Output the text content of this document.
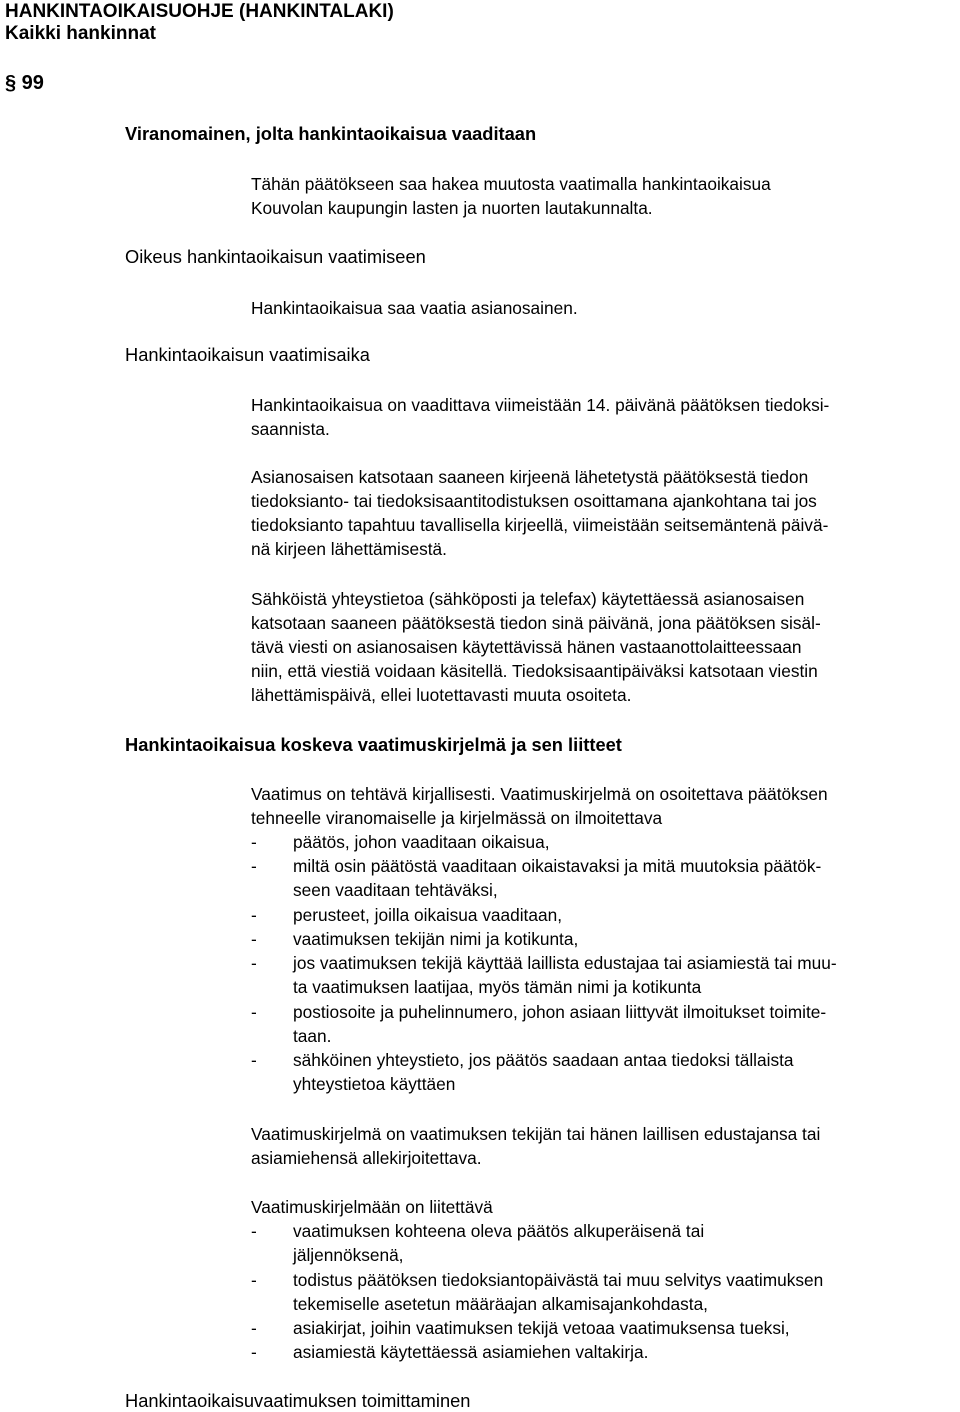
HANKINTAOIKAISUOHJE (HANKINTALAKI)
Kaikki hankinnat
§ 99
Viranomainen, jolta hankintaoikaisua vaaditaan
Tähän päätökseen saa hakea muutosta vaatimalla hankintaoikaisua
Kouvolan kaupungin lasten ja nuorten lautakunnalta.
Oikeus hankintaoikaisun vaatimiseen
Hankintaoikaisua saa vaatia asianosainen.
Hankintaoikaisun vaatimisaika
Hankintaoikaisua on vaadittava viimeistään 14. päivänä päätöksen tiedoksi-
saannista.
Asianosaisen katsotaan saaneen kirjeenä lähetetystä päätöksestä tiedon
tiedoksianto- tai tiedoksisaantitodistuksen osoittamana ajankohtana tai jos
tiedoksianto tapahtuu tavallisella kirjeellä, viimeistään seitsemäntenä päivä-
nä kirjeen lähettämisestä.
Sähköistä yhteystietoa (sähköposti ja telefax) käytettäessä asianosaisen
katsotaan saaneen päätöksestä tiedon sinä päivänä, jona päätöksen sisäl-
tävä viesti on asianosaisen käytettävissä hänen vastaanottolaitteessaan
niin, että viestiä voidaan käsitellä. Tiedoksisaantipäiväksi katsotaan viestin
lähettämispäivä, ellei luotettavasti muuta osoiteta.
Hankintaoikaisua koskeva vaatimuskirjelmä ja sen liitteet
Vaatimus on tehtävä kirjallisesti. Vaatimuskirjelmä on osoitettava päätöksen
tehneelle viranomaiselle ja kirjelmässä on ilmoitettava
- päätös, johon vaaditaan oikaisua,
- miltä osin päätöstä vaaditaan oikaistavaksi ja mitä muutoksia päätök-
seen vaaditaan tehtäväksi,
- perusteet, joilla oikaisua vaaditaan,
- vaatimuksen tekijän nimi ja kotikunta,
- jos vaatimuksen tekijä käyttää laillista edustajaa tai asiamiestä tai muu-
ta vaatimuksen laatijaa, myös tämän nimi ja kotikunta
- postiosoite ja puhelinnumero, johon asiaan liittyvät ilmoitukset toimite-
taan.
- sähköinen yhteystieto, jos päätös saadaan antaa tiedoksi tällaista
yhteystietoa käyttäen
Vaatimuskirjelmä on vaatimuksen tekijän tai hänen laillisen edustajansa tai
asiamiehensä allekirjoitettava.
Vaatimuskirjelmään on liitettävä
- vaatimuksen kohteena oleva päätös alkuperäisenä tai
jäljennöksenä,
- todistus päätöksen tiedoksiantopäivästä tai muu selvitys vaatimuksen
tekemiselle asetetun määräajan alkamisajankohdasta,
- asiakirjat, joihin vaatimuksen tekijä vetoaa vaatimuksensa tueksi,
- asiamiestä käytettäessä asiamiehen valtakirja.
Hankintaoikaisuvaatimuksen toimittaminen
